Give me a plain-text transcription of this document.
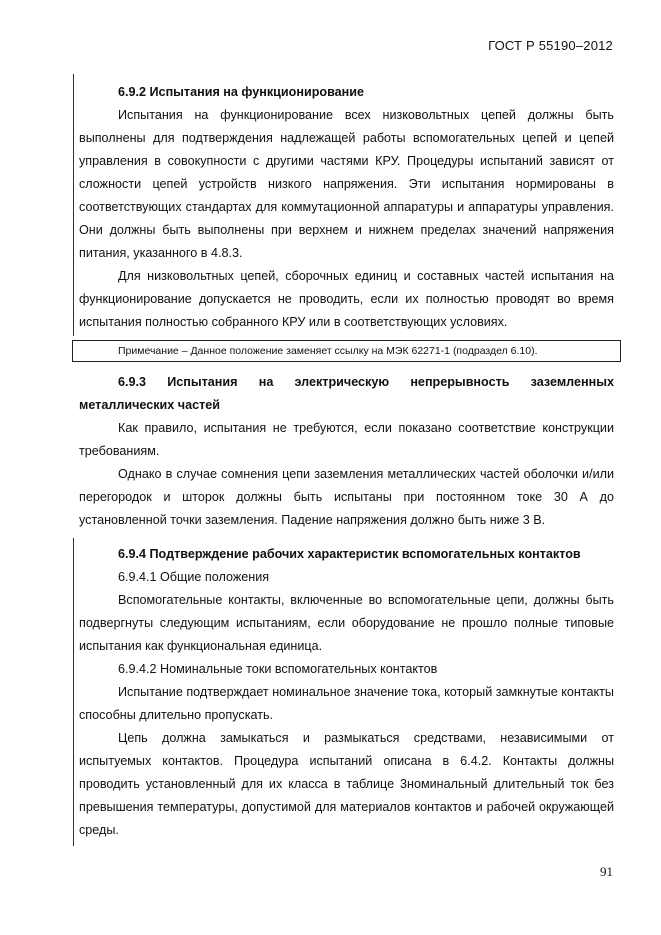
ГОСТ Р 55190–2012

6.9.2 Испытания на функционирование

Испытания на функционирование всех низковольтных цепей должны быть выполнены для подтверждения надлежащей работы вспомогательных цепей и цепей управления в совокупности с другими частями КРУ. Процедуры испытаний зависят от сложности цепей устройств низкого напряжения. Эти испытания нормированы в соответствующих стандартах для коммутационной аппаратуры и аппаратуры управления. Они должны быть выполнены при верхнем и нижнем пределах значений напряжения питания, указанного в 4.8.3.

Для низковольтных цепей, сборочных единиц и составных частей испытания на функционирование допускается не проводить, если их полностью проводят во время испытания полностью собранного КРУ или в соответствующих условиях.

Примечание – Данное положение заменяет ссылку на МЭК 62271-1 (подраздел 6.10).

6.9.3 Испытания на электрическую непрерывность заземленных металлических частей

Как правило, испытания не требуются, если показано соответствие конструкции требованиям.

Однако в случае сомнения цепи заземления металлических частей оболочки и/или перегородок и шторок должны быть испытаны при постоянном токе 30 А до установленной точки заземления. Падение напряжения должно быть ниже 3 В.

6.9.4 Подтверждение рабочих характеристик вспомогательных контактов

6.9.4.1 Общие положения

Вспомогательные контакты, включенные во вспомогательные цепи, должны быть подвергнуты следующим испытаниям, если оборудование не прошло полные типовые испытания как функциональная единица.

6.9.4.2 Номинальные токи вспомогательных контактов

Испытание подтверждает номинальное значение тока, который замкнутые контакты способны длительно пропускать.

Цепь должна замыкаться и размыкаться средствами, независимыми от испытуемых контактов. Процедура испытаний описана в 6.4.2. Контакты должны проводить установленный для их класса в таблице 3номинальный длительный ток без превышения температуры, допустимой для материалов контактов и рабочей окружающей среды.

91
